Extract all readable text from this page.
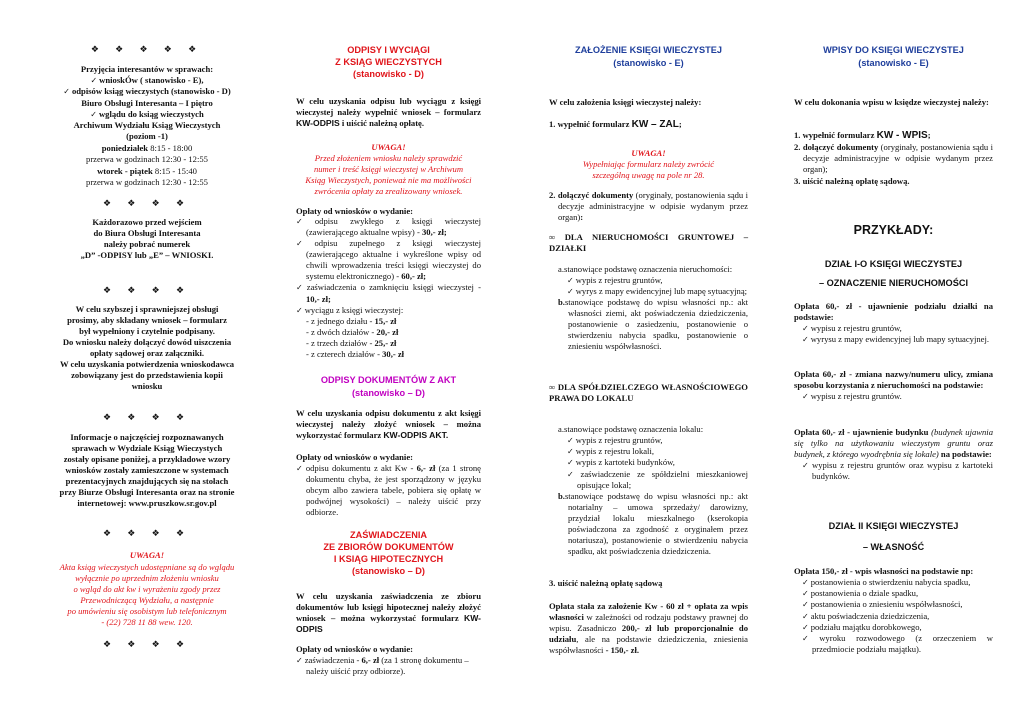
❖ ❖ ❖ ❖ ❖

Przyjęcia interesantów w sprawach:

✓ wnioskÓw ( stanowisko - E),

✓ odpisów ksiąg wieczystych (stanowisko - D)

Biuro Obsługi Interesanta – I piętro

✓ wglądu do ksiąg wieczystych

Archiwum Wydziału Ksiąg Wieczystych

(poziom -1)

poniedziałek 8:15 - 18:00

przerwa w godzinach 12:30 - 12:55

wtorek - piątek 8:15 - 15:40

przerwa w godzinach 12:30 - 12:55

❖ ❖ ❖ ❖

Każdorazowo przed wejściem

do Biura Obsługi Interesanta

należy pobrać numerek

„D” -ODPISY lub „E” – WNIOSKI.

❖ ❖ ❖ ❖

W celu szybszej i sprawniejszej obsługi

prosimy, aby składany wniosek – formularz

był wypełniony i czytelnie podpisany.

Do wniosku należy dołączyć dowód uiszczenia

opłaty sądowej oraz załączniki.

W celu uzyskania potwierdzenia wnioskodawca

zobowiązany jest do przedstawienia kopii

wniosku

❖ ❖ ❖ ❖

Informacje o najczęściej rozpoznawanych

sprawach w Wydziale Ksiąg Wieczystych

zostały opisane poniżej, a przykładowe wzory

wniosków zostały zamieszczone w systemach

prezentacyjnych znajdujących się na stołach

przy Biurze Obsługi Interesanta oraz na stronie

internetowej: www.pruszkow.sr.gov.pl

❖ ❖ ❖ ❖

UWAGA!

Akta ksiąg wieczystych udostępniane są do wglądu

wyłącznie po uprzednim złożeniu wniosku

o wgląd do akt kw i wyrażeniu zgody przez

Przewodniczącą Wydziału, a następnie

po umówieniu się osobistym lub telefonicznym

- (22) 728 11 88 wew. 120.

❖ ❖ ❖ ❖

ODPISY I WYCIĄGI

Z KSIĄG WIECZYSTYCH

(stanowisko - D)

W celu uzyskania odpisu lub wyciągu z księgi wieczystej należy wypełnić wniosek – formularz KW-ODPIS i uiścić należną opłatę.

UWAGA!

Przed złożeniem wniosku należy sprawdzić

numer i treść księgi wieczystej w Archiwum

Ksiąg Wieczystych, ponieważ nie ma możliwości

zwrócenia opłaty za zrealizowany wniosek.

Opłaty od wniosków o wydanie:

✓ odpisu zwykłego z księgi wieczystej (zawierającego aktualne wpisy) - 30,- zł;

✓ odpisu zupełnego z księgi wieczystej (zawierającego aktualne i wykreślone wpisy od chwili wprowadzenia treści księgi wieczystej do systemu elektronicznego) - 60,- zł;

✓ zaświadczenia o zamknięciu księgi wieczystej - 10,- zł;

✓ wyciągu z księgi wieczystej:

- z jednego działu - 15,- zł

- z dwóch działów - 20,- zł

- z trzech działów - 25,- zł

- z czterech działów - 30,- zł

ODPISY DOKUMENTÓW Z AKT

(stanowisko – D)

W celu uzyskania odpisu dokumentu z akt księgi wieczystej należy złożyć wniosek – można wykorzystać formularz KW-ODPIS AKT.

Opłaty od wniosków o wydanie:

✓ odpisu dokumentu z akt Kw - 6,- zł (za 1 stronę dokumentu chyba, że jest sporządzony w języku obcym albo zawiera tabele, pobiera się opłatę w podwójnej wysokości) – należy uiścić przy odbiorze.

ZAŚWIADCZENIA

ZE ZBIORÓW DOKUMENTÓW

I KSIĄG HIPOTECZNYCH

(stanowisko – D)

W celu uzyskania zaświadczenia ze zbioru dokumentów lub księgi hipotecznej należy złożyć wniosek – można wykorzystać formularz KW-ODPIS

Opłaty od wniosków o wydanie:

✓ zaświadczenia - 6,- zł (za 1 stronę dokumentu – należy uiścić przy odbiorze).

ZAŁOŻENIE KSIĘGI WIECZYSTEJ

(stanowisko - E)

W celu założenia księgi wieczystej należy:

1. wypełnić formularz KW – ZAL;

UWAGA!

Wypełniając formularz należy zwrócić

szczególną uwagę na pole nr 28.

2. dołączyć dokumenty (oryginały, postanowienia sądu i decyzje administracyjne w odpisie wydanym przez organ):

∞ DLA NIERUCHOMOŚCI GRUNTOWEJ – DZIAŁKI

a.stanowiące podstawę oznaczenia nieruchomości:

✓ wypis z rejestru gruntów,

✓ wyrys z mapy ewidencyjnej lub mapę sytuacyjną;

b.stanowiące podstawę do wpisu własności np.: akt własności ziemi, akt poświadczenia dziedziczenia, postanowienie o zasiedzeniu, postanowienie o stwierdzeniu nabycia spadku, postanowienie o zniesieniu współwłasności.

∞ DLA SPÓŁDZIELCZEGO WŁASNOŚCIOWEGO PRAWA DO LOKALU

a.stanowiące podstawę oznaczenia lokalu:

✓ wypis z rejestru gruntów,

✓ wypis z rejestru lokali,

✓ wypis z kartoteki budynków,

✓ zaświadczenie ze spółdzielni mieszkaniowej opisujące lokal;

b.stanowiące podstawę do wpisu własności np.: akt notarialny – umowa sprzedaży/ darowizny, przydział lokalu mieszkalnego (kserokopia poświadczona za zgodność z oryginałem przez notariusza), postanowienie o stwierdzeniu nabycia spadku, akt poświadczenia dziedziczenia.

3. uiścić należną opłatę sądową

Opłata stała za założenie Kw - 60 zł + opłata za wpis własności w zależności od rodzaju podstawy prawnej do wpisu. Zasadniczo 200,- zł lub proporcjonalnie do udziału, ale na podstawie dziedziczenia, zniesienia współwłasności - 150,- zł.

WPISY DO KSIĘGI WIECZYSTEJ

(stanowisko - E)

W celu dokonania wpisu w księdze wieczystej należy:

1. wypełnić formularz KW - WPIS;

2. dołączyć dokumenty (oryginały, postanowienia sądu i decyzje administracyjne w odpisie wydanym przez organ);

3. uiścić należną opłatę sądową.

PRZYKŁADY:

DZIAŁ I-O KSIĘGI WIECZYSTEJ

– OZNACZENIE NIERUCHOMOŚCI

Opłata 60,- zł - ujawnienie podziału działki na podstawie:

✓ wypisu z rejestru gruntów,

✓ wyrysu z mapy ewidencyjnej lub mapy sytuacyjnej.

Opłata 60,- zł - zmiana nazwy/numeru ulicy, zmiana sposobu korzystania z nieruchomości na podstawie:

✓ wypisu z rejestru gruntów.

Opłata 60,- zł - ujawnienie budynku (budynek ujawnia się tylko na użytkowaniu wieczystym gruntu oraz budynek, z którego wyodrębnia się lokale) na podstawie:

✓ wypisu z rejestru gruntów oraz wypisu z kartoteki budynków.

DZIAŁ II KSIĘGI WIECZYSTEJ

– WŁASNOŚĆ

Opłata 150,- zł - wpis własności na podstawie np:

✓ postanowienia o stwierdzeniu nabycia spadku,

✓ postanowienia o dziale spadku,

✓ postanowienia o zniesieniu współwłasności,

✓ aktu poświadczenia dziedziczenia,

✓ podziału majątku dorobkowego,

✓ wyroku rozwodowego (z orzeczeniem w przedmiocie podziału majątku).
